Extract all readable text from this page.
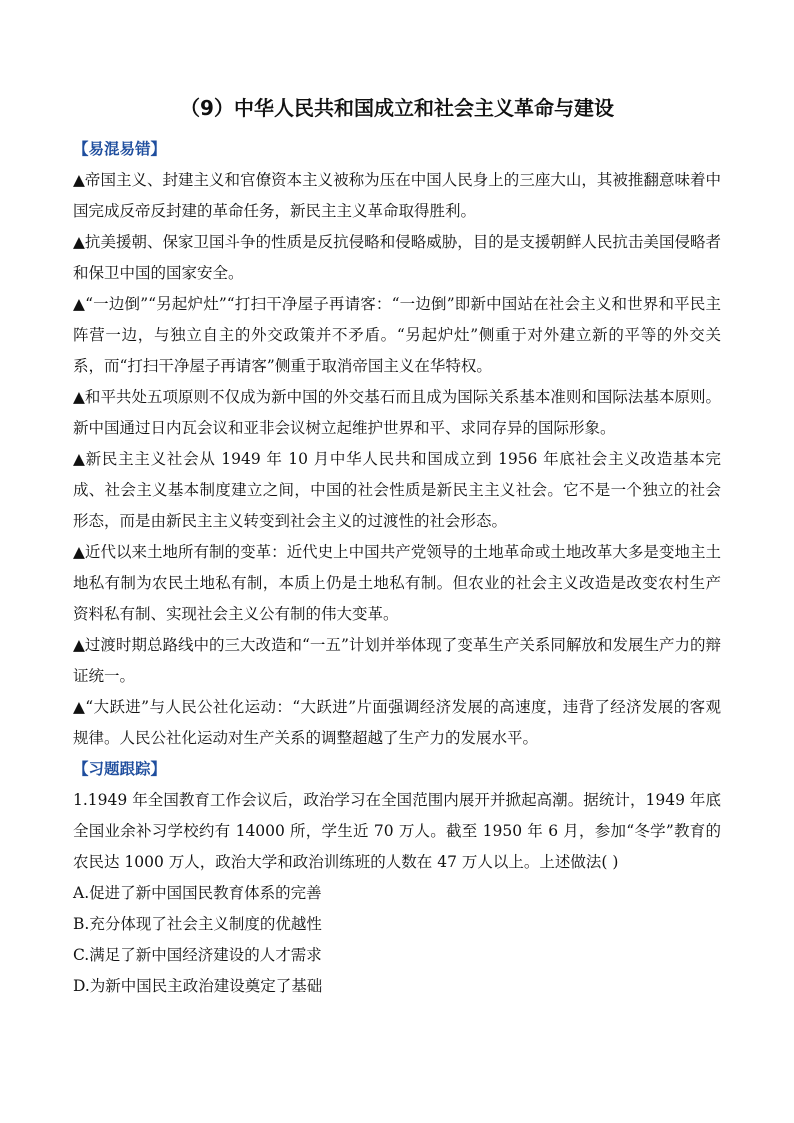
（9）中华人民共和国成立和社会主义革命与建设
【易混易错】

▲帝国主义、封建主义和官僚资本主义被称为压在中国人民身上的三座大山，其被推翻意味着中国完成反帝反封建的革命任务，新民主主义革命取得胜利。

▲抗美援朝、保家卫国斗争的性质是反抗侵略和侵略威胁，目的是支援朝鲜人民抗击美国侵略者和保卫中国的国家安全。

▲“一边倒”“另起炉灶”“打扫干净屋子再请客：“一边倒”即新中国站在社会主义和世界和平民主阵营一边，与独立自主的外交政策并不矛盾。“另起炉灶”侧重于对外建立新的平等的外交关系，而“打扫干净屋子再请客”侧重于取消帝国主义在华特权。

▲和平共处五项原则不仅成为新中国的外交基石而且成为国际关系基本准则和国际法基本原则。新中国通过日内瓦会议和亚非会议树立起维护世界和平、求同存异的国际形象。

▲新民主主义社会从 1949 年 10 月中华人民共和国成立到 1956 年底社会主义改造基本完成、社会主义基本制度建立之间，中国的社会性质是新民主主义社会。它不是一个独立的社会形态，而是由新民主主义转变到社会主义的过渡性的社会形态。

▲近代以来土地所有制的变革：近代史上中国共产党领导的土地革命或土地改革大多是变地主土地私有制为农民土地私有制，本质上仍是土地私有制。但农业的社会主义改造是改变农村生产资料私有制、实现社会主义公有制的伟大变革。

▲过渡时期总路线中的三大改造和“一五”计划并举体现了变革生产关系同解放和发展生产力的辩证统一。

▲“大跃进”与人民公社化运动：“大跃进”片面强调经济发展的高速度，违背了经济发展的客观规律。人民公社化运动对生产关系的调整超越了生产力的发展水平。

【习题跟踪】

1.1949 年全国教育工作会议后，政治学习在全国范围内展开并掀起高潮。据统计，1949 年底全国业余补习学校约有 14000 所，学生近 70 万人。截至 1950 年 6 月，参加“冬学”教育的农民达 1000 万人，政治大学和政治训练班的人数在 47 万人以上。上述做法( )

A.促进了新中国国民教育体系的完善

B.充分体现了社会主义制度的优越性

C.满足了新中国经济建设的人才需求

D.为新中国民主政治建设奠定了基础
